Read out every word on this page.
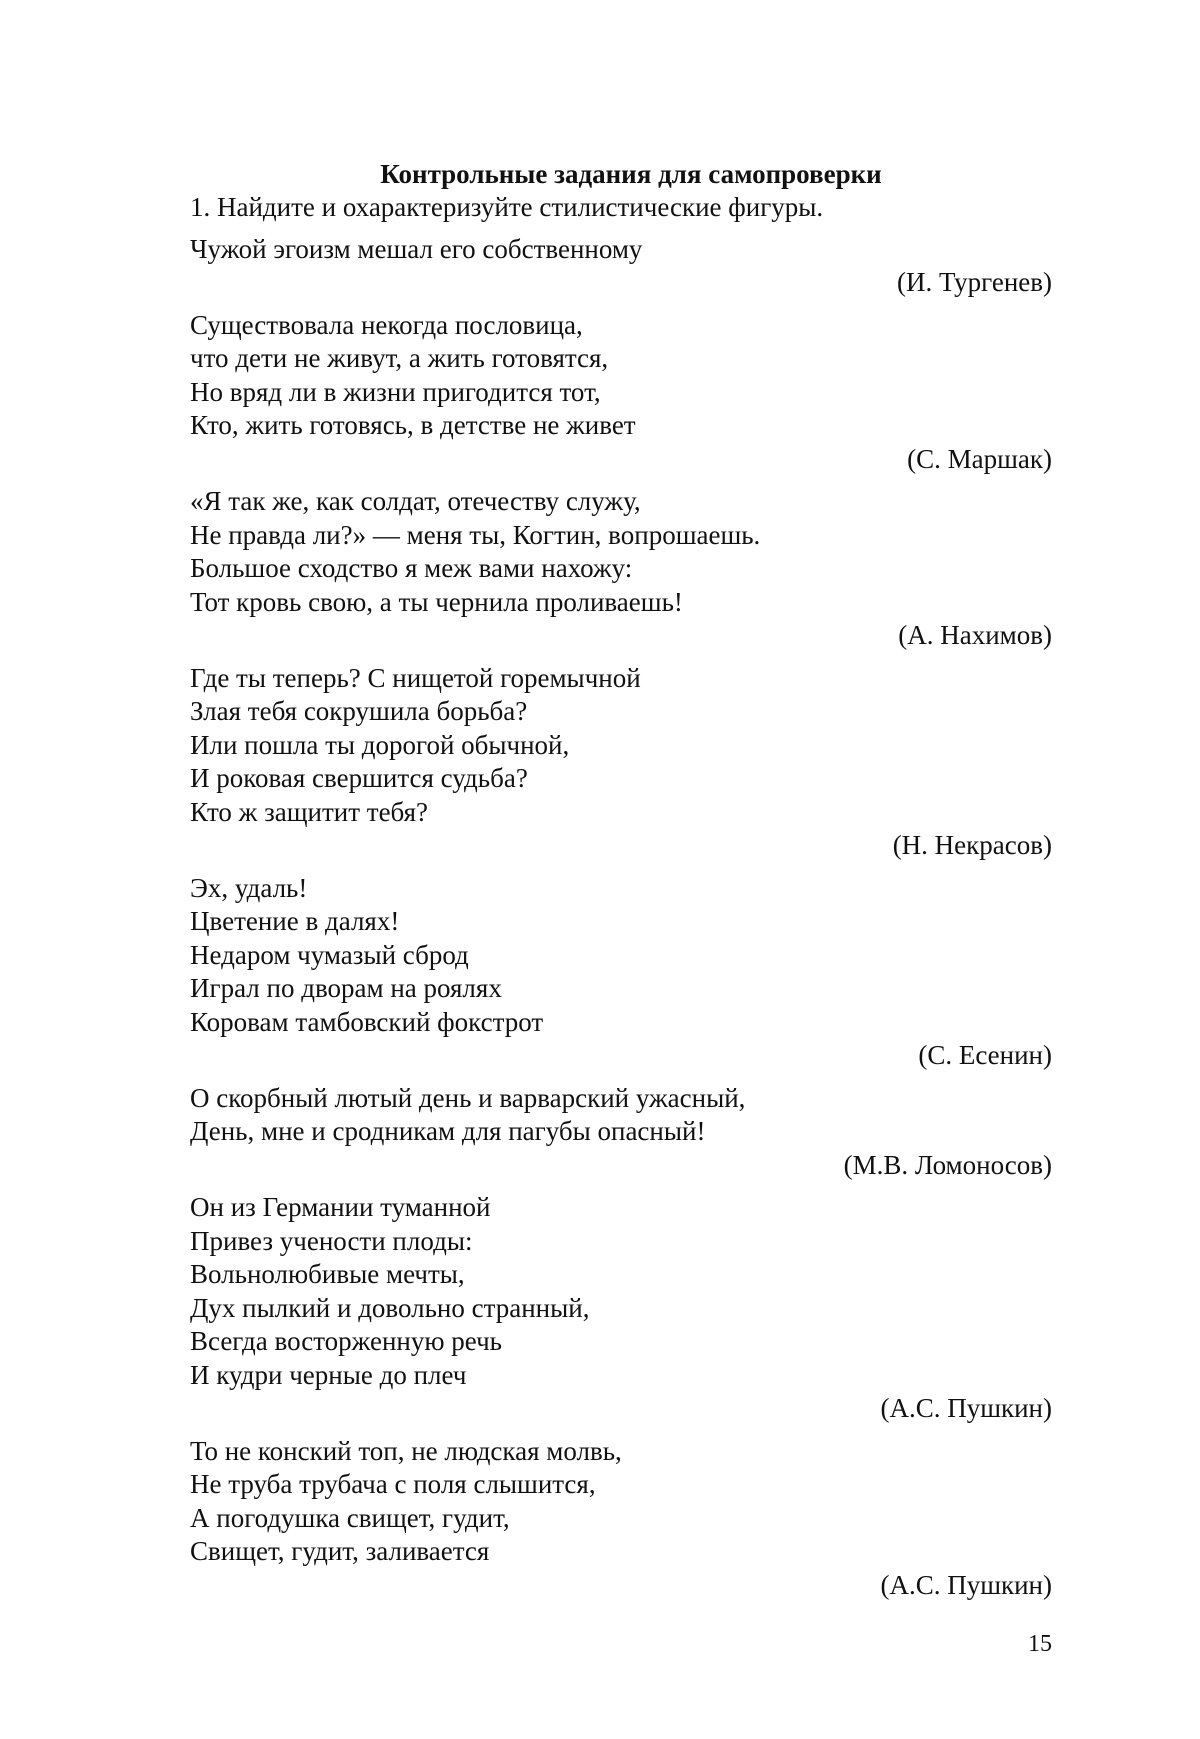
Контрольные задания для самопроверки

1. Найдите и охарактеризуйте стилистические фигуры.

Чужой эгоизм мешал его собственному
(И. Тургенев)
Существовала некогда пословица,
что дети не живут, а жить готовятся,
Но вряд ли в жизни пригодится тот,
Кто, жить готовясь, в детстве не живет
(С. Маршак)
«Я так же, как солдат, отечеству служу,
Не правда ли?» — меня ты, Когтин, вопрошаешь.
Большое сходство я меж вами нахожу:
Тот кровь свою, а ты чернила проливаешь!
(А. Нахимов)
Где ты теперь? С нищетой горемычной
Злая тебя сокрушила борьба?
Или пошла ты дорогой обычной,
И роковая свершится судьба?
Кто ж защитит тебя?
(Н. Некрасов)
Эх, удаль!
Цветение в далях!
Недаром чумазый сброд
Играл по дворам на роялях
Коровам тамбовский фокстрот
(С. Есенин)
О скорбный лютый день и варварский ужасный,
День, мне и сродникам для пагубы опасный!
(М.В. Ломоносов)
Он из Германии туманной
Привез учености плоды:
Вольнолюбивые мечты,
Дух пылкий и довольно странный,
Всегда восторженную речь
И кудри черные до плеч
(А.С. Пушкин)
То не конский топ, не людская молвь,
Не труба трубача с поля слышится,
А погодушка свищет, гудит,
Свищет, гудит, заливается
(А.С. Пушкин)
15
